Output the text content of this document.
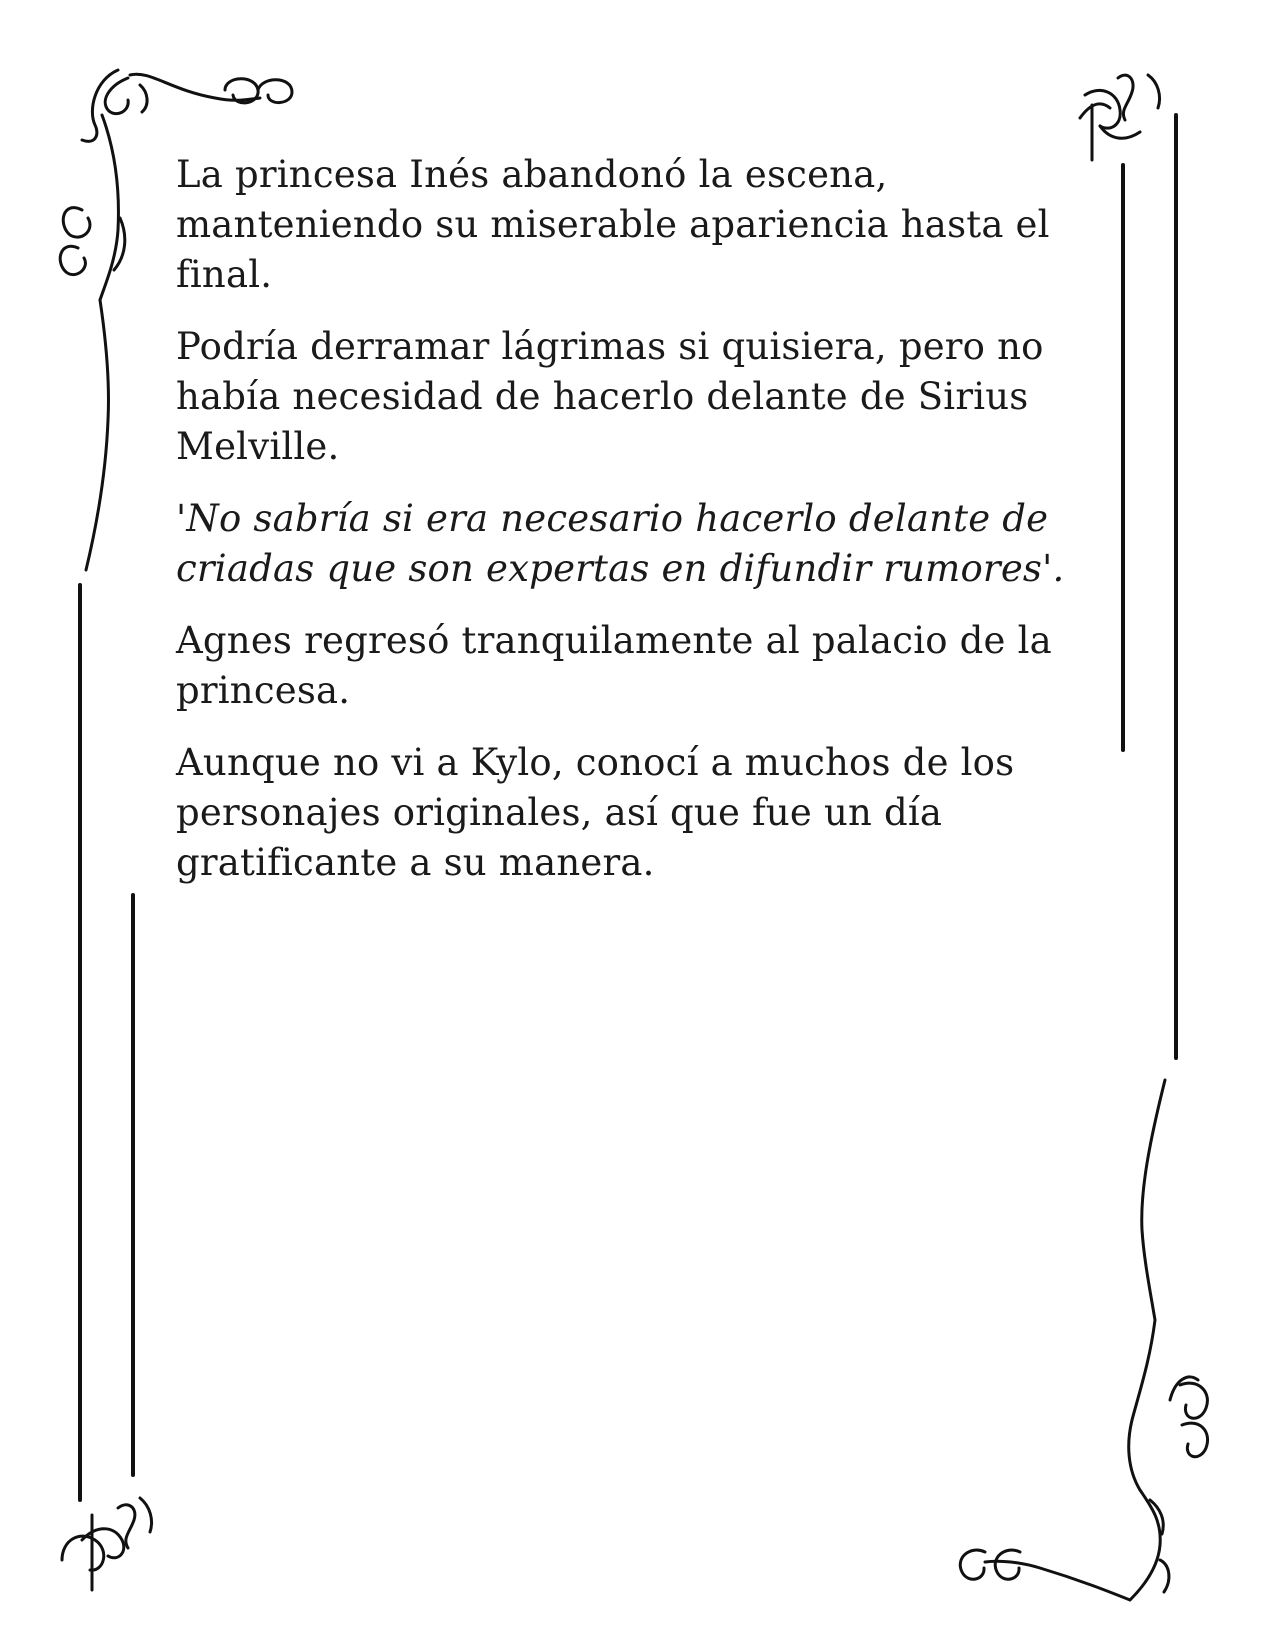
La princesa Inés abandonó la escena, manteniendo su miserable apariencia hasta el final.

Podría derramar lágrimas si quisiera, pero no había necesidad de hacerlo delante de Sirius Melville.

'No sabría si era necesario hacerlo delante de criadas que son expertas en difundir rumores'.

Agnes regresó tranquilamente al palacio de la princesa.

Aunque no vi a Kylo, conocí a muchos de los personajes originales, así que fue un día gratificante a su manera.
